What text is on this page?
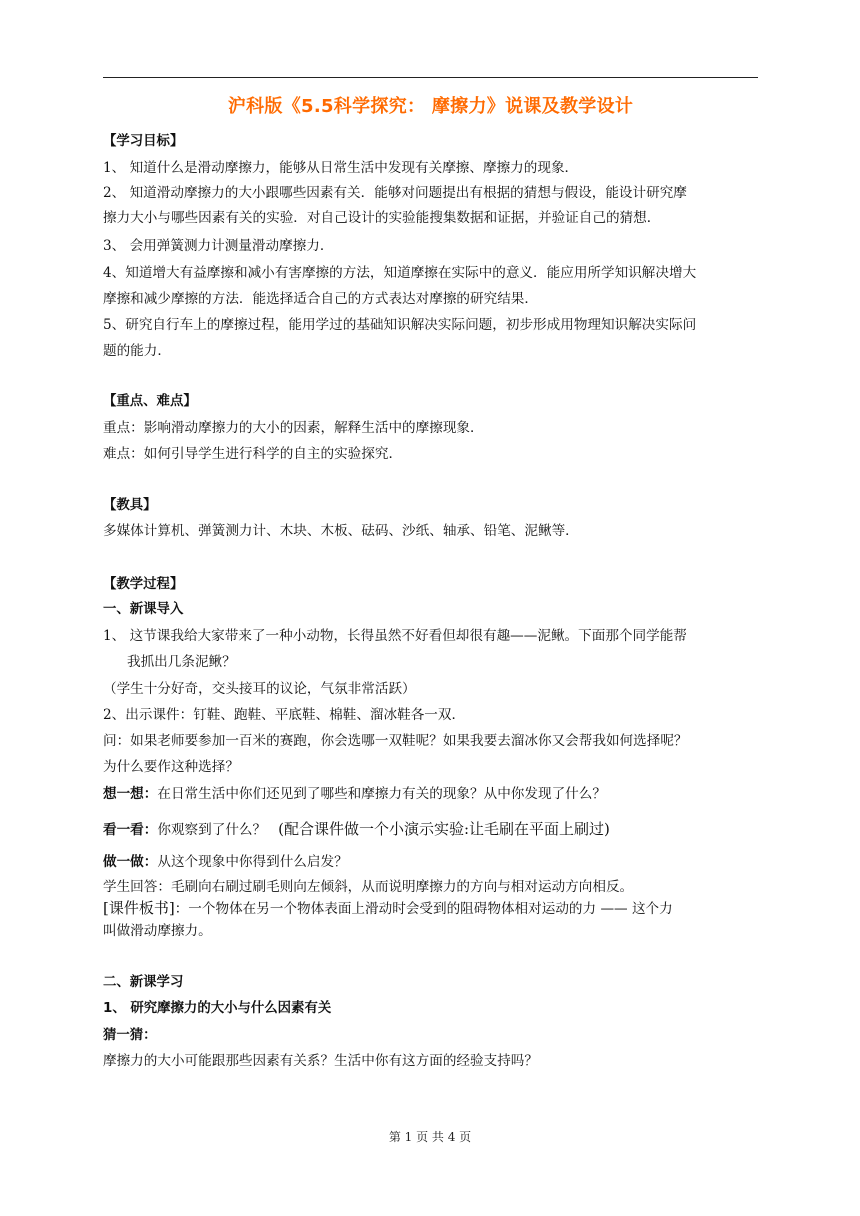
沪科版《5.5科学探究： 摩擦力》说课及教学设计
【学习目标】
1、 知道什么是滑动摩擦力，能够从日常生活中发现有关摩擦、摩擦力的现象．
2、 知道滑动摩擦力的大小跟哪些因素有关．能够对问题提出有根据的猜想与假设，能设计研究摩
擦力大小与哪些因素有关的实验．对自己设计的实验能搜集数据和证据，并验证自己的猜想．
3、 会用弹簧测力计测量滑动摩擦力．
4、知道增大有益摩擦和减小有害摩擦的方法，知道摩擦在实际中的意义．能应用所学知识解决增大
摩擦和减少摩擦的方法．能选择适合自己的方式表达对摩擦的研究结果．
5、研究自行车上的摩擦过程，能用学过的基础知识解决实际问题，初步形成用物理知识解决实际问
题的能力．
【重点、难点】
重点：影响滑动摩擦力的大小的因素，解释生活中的摩擦现象．
难点：如何引导学生进行科学的自主的实验探究．
【教具】
多媒体计算机、弹簧测力计、木块、木板、砝码、沙纸、轴承、铅笔、泥鳅等．
【教学过程】
一、新课导入
1、 这节课我给大家带来了一种小动物，长得虽然不好看但却很有趣——泥鳅。下面那个同学能帮
我抓出几条泥鳅？
（学生十分好奇，交头接耳的议论，气氛非常活跃）
2、出示课件：钉鞋、跑鞋、平底鞋、棉鞋、溜冰鞋各一双．
问：如果老师要参加一百米的赛跑，你会选哪一双鞋呢？如果我要去溜冰你又会帮我如何选择呢？
为什么要作这种选择？
想一想：在日常生活中你们还见到了哪些和摩擦力有关的现象？从中你发现了什么？
看一看：你观察到了什么？ (配合课件做一个小演示实验:让毛刷在平面上刷过)
做一做：从这个现象中你得到什么启发？
学生回答：毛刷向右刷过刷毛则向左倾斜，从而说明摩擦力的方向与相对运动方向相反。
[课件板书]：一个物体在另一个物体表面上滑动时会受到的阻碍物体相对运动的力 —— 这个力
叫做滑动摩擦力。
二、新课学习
1、 研究摩擦力的大小与什么因素有关
猜一猜：
摩擦力的大小可能跟那些因素有关系？生活中你有这方面的经验支持吗？
第 1 页 共 4 页
